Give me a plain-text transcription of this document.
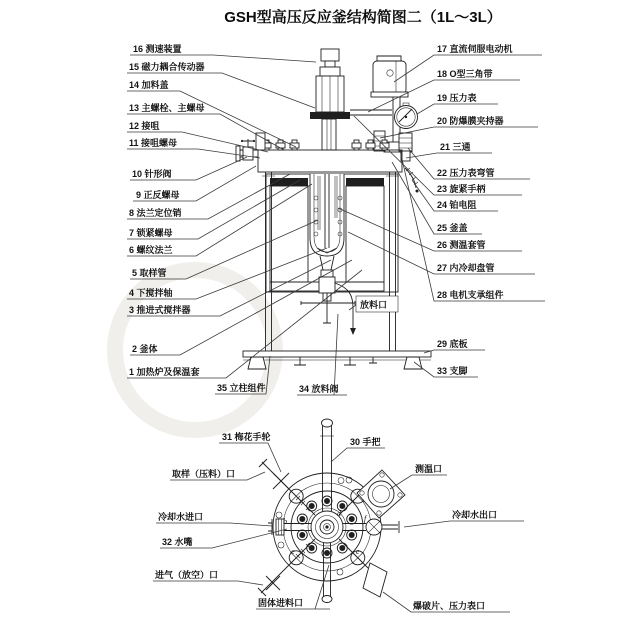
GSH型高压反应釜结构简图二（1L～3L）
放料口
16 测速装置
15 磁力耦合传动器
14 加料盖
13 主螺栓、主螺母
12 接咀
11 接咀螺母
10 针形阀
9 正反螺母
8 法兰定位销
7 锁紧螺母
6 螺纹法兰
5 取样管
4 下搅拌轴
3 推进式搅拌器
2 釜体
1 加热炉及保温套
35 立柱组件	34 放料阀
17 直流伺服电动机
18 O型三角带
19 压力表
20 防爆膜夹持器
21 三通
22 压力表弯管
23 旋紧手柄
24 铂电阻
25 釜盖
26 测温套管
27 内冷却盘管
28 电机支承组件
29 底板
33 支脚
b
c
d
e
f
31 梅花手轮	30 手把
取样（压料）口	测温口
冷却水进口	冷却水出口
32 水嘴
进气（放空）口
固体进料口	爆破片、压力表口
